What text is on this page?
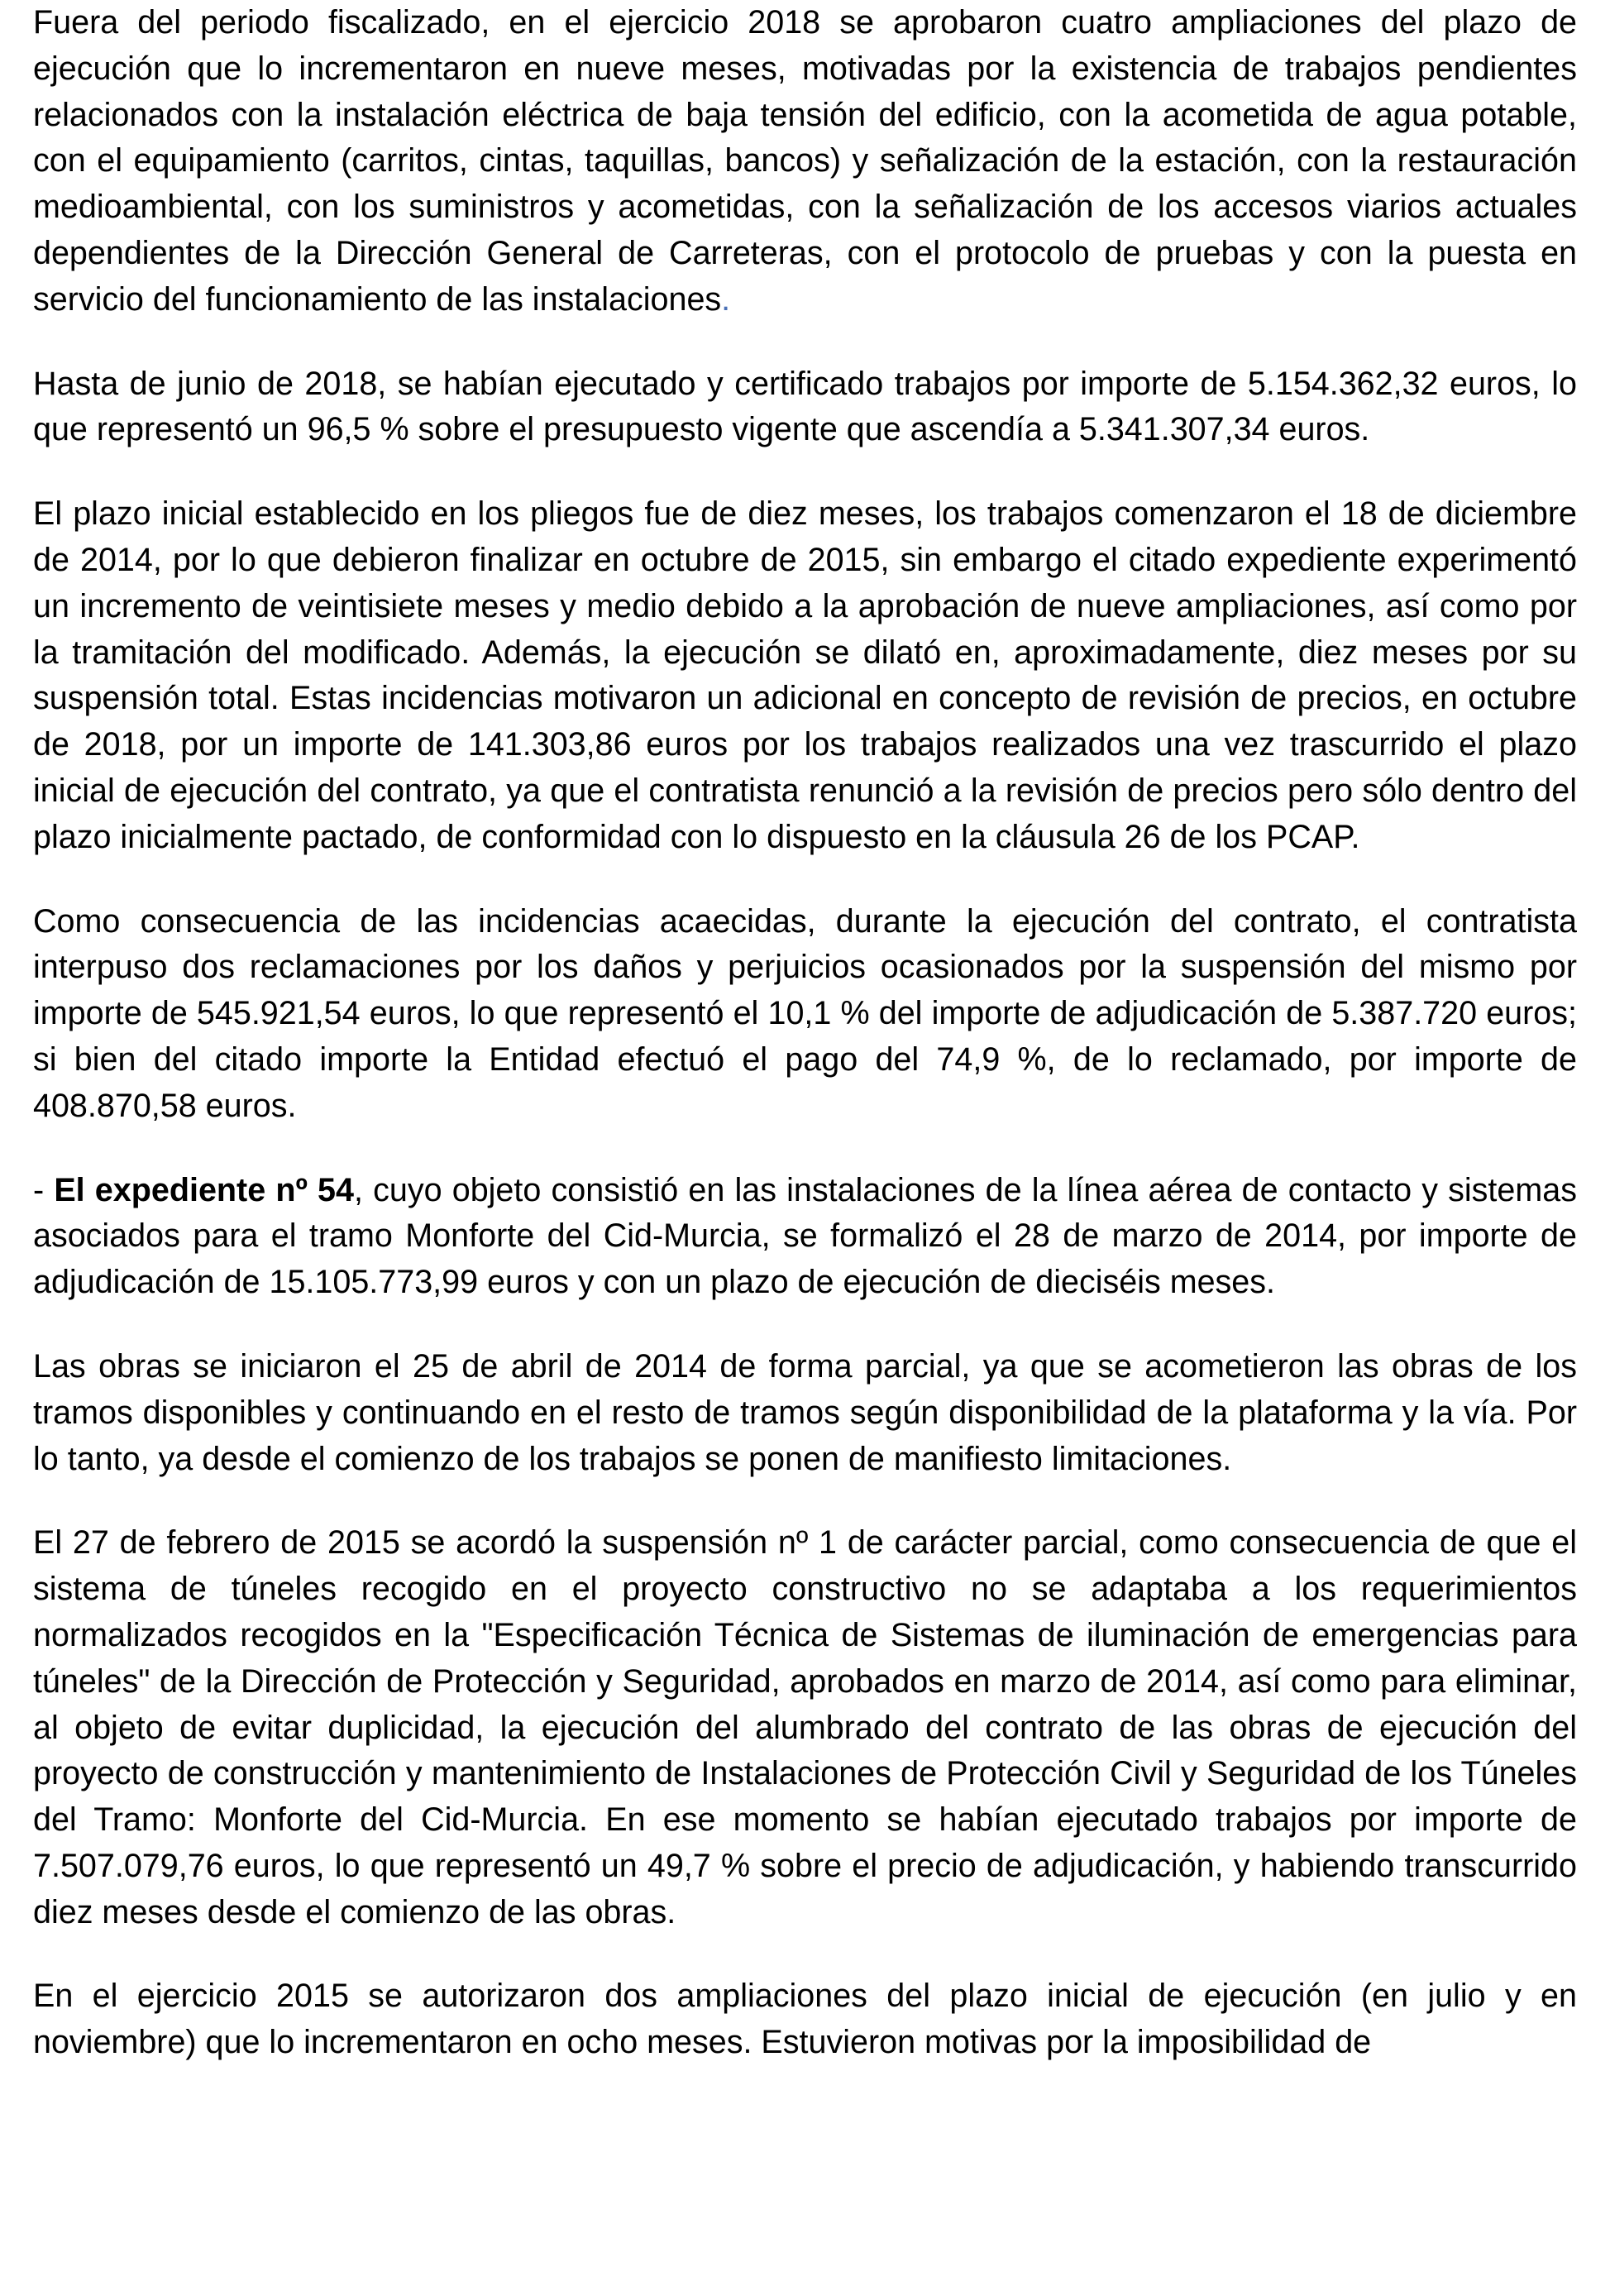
Fuera del periodo fiscalizado, en el ejercicio 2018 se aprobaron cuatro ampliaciones del plazo de ejecución que lo incrementaron en nueve meses, motivadas por la existencia de trabajos pendientes relacionados con la instalación eléctrica de baja tensión del edificio, con la acometida de agua potable, con el equipamiento (carritos, cintas, taquillas, bancos) y señalización de la estación, con la restauración medioambiental, con los suministros y acometidas, con la señalización de los accesos viarios actuales dependientes de la Dirección General de Carreteras, con el protocolo de pruebas y con la puesta en servicio del funcionamiento de las instalaciones.

Hasta de junio de 2018, se habían ejecutado y certificado trabajos por importe de 5.154.362,32 euros, lo que representó un 96,5 % sobre el presupuesto vigente que ascendía a 5.341.307,34 euros.

El plazo inicial establecido en los pliegos fue de diez meses, los trabajos comenzaron el 18 de diciembre de 2014, por lo que debieron finalizar en octubre de 2015, sin embargo el citado expediente experimentó un incremento de veintisiete meses y medio debido a la aprobación de nueve ampliaciones, así como por la tramitación del modificado. Además, la ejecución se dilató en, aproximadamente, diez meses por su suspensión total. Estas incidencias motivaron un adicional en concepto de revisión de precios, en octubre de 2018, por un importe de 141.303,86 euros por los trabajos realizados una vez trascurrido el plazo inicial de ejecución del contrato, ya que el contratista renunció a la revisión de precios pero sólo dentro del plazo inicialmente pactado, de conformidad con lo dispuesto en la cláusula 26 de los PCAP.

Como consecuencia de las incidencias acaecidas, durante la ejecución del contrato, el contratista interpuso dos reclamaciones por los daños y perjuicios ocasionados por la suspensión del mismo por importe de 545.921,54 euros, lo que representó el 10,1 % del importe de adjudicación de 5.387.720 euros; si bien del citado importe la Entidad efectuó el pago del 74,9 %, de lo reclamado, por importe de 408.870,58 euros.

- El expediente nº 54, cuyo objeto consistió en las instalaciones de la línea aérea de contacto y sistemas asociados para el tramo Monforte del Cid-Murcia, se formalizó el 28 de marzo de 2014, por importe de adjudicación de 15.105.773,99 euros y con un plazo de ejecución de dieciséis meses.

Las obras se iniciaron el 25 de abril de 2014 de forma parcial, ya que se acometieron las obras de los tramos disponibles y continuando en el resto de tramos según disponibilidad de la plataforma y la vía. Por lo tanto, ya desde el comienzo de los trabajos se ponen de manifiesto limitaciones.

El 27 de febrero de 2015 se acordó la suspensión nº 1 de carácter parcial, como consecuencia de que el sistema de túneles recogido en el proyecto constructivo no se adaptaba a los requerimientos normalizados recogidos en la "Especificación Técnica de Sistemas de iluminación de emergencias para túneles" de la Dirección de Protección y Seguridad, aprobados en marzo de 2014, así como para eliminar, al objeto de evitar duplicidad, la ejecución del alumbrado del contrato de las obras de ejecución del proyecto de construcción y mantenimiento de Instalaciones de Protección Civil y Seguridad de los Túneles del Tramo: Monforte del Cid-Murcia. En ese momento se habían ejecutado trabajos por importe de 7.507.079,76 euros, lo que representó un 49,7 % sobre el precio de adjudicación, y habiendo transcurrido diez meses desde el comienzo de las obras.

En el ejercicio 2015 se autorizaron dos ampliaciones del plazo inicial de ejecución (en julio y en noviembre) que lo incrementaron en ocho meses. Estuvieron motivas por la imposibilidad de
